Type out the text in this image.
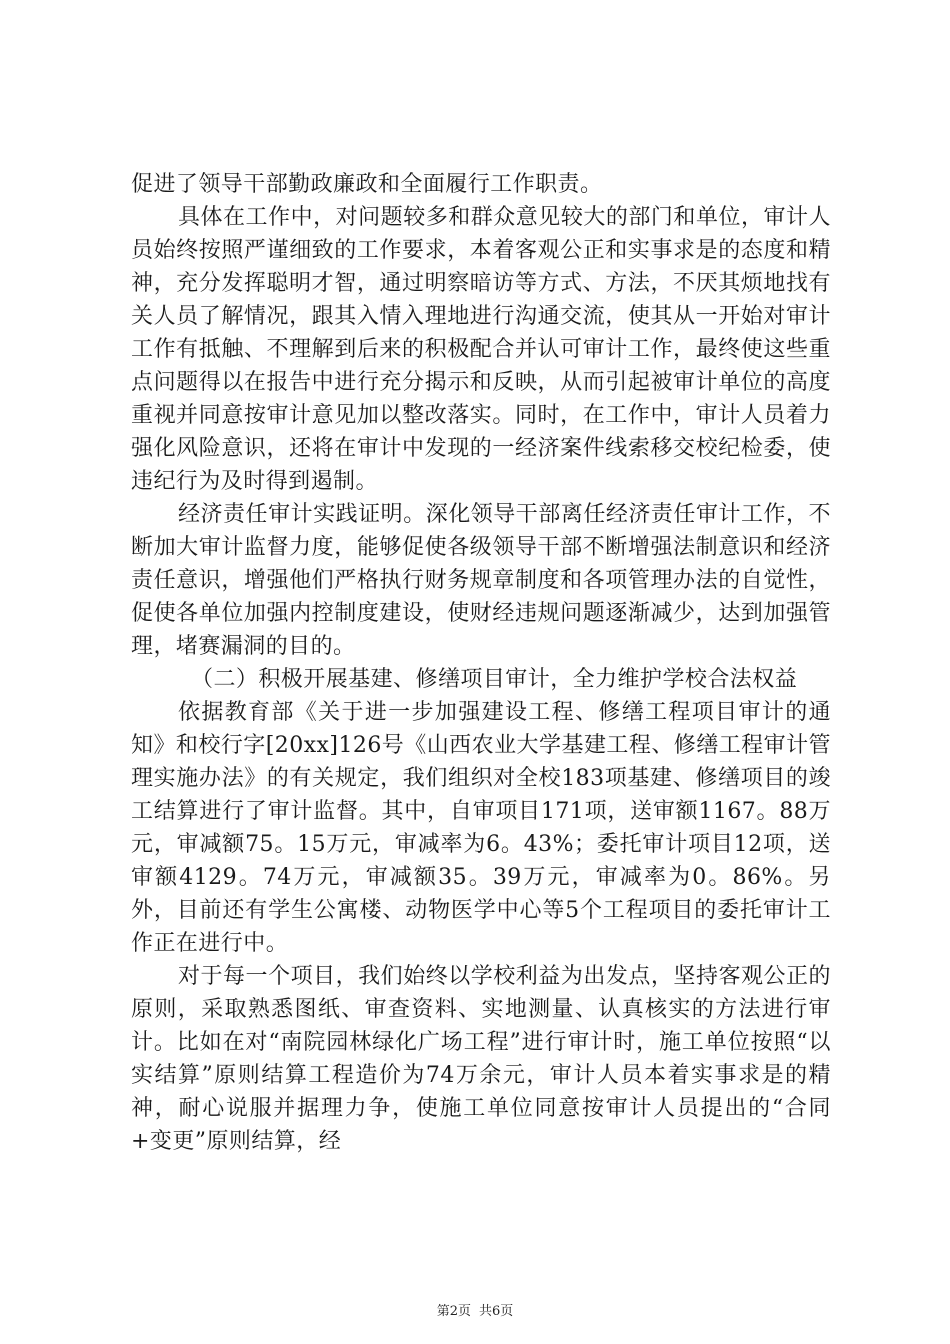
促进了领导干部勤政廉政和全面履行工作职责。

具体在工作中，对问题较多和群众意见较大的部门和单位，审计人员始终按照严谨细致的工作要求，本着客观公正和实事求是的态度和精神，充分发挥聪明才智，通过明察暗访等方式、方法，不厌其烦地找有关人员了解情况，跟其入情入理地进行沟通交流，使其从一开始对审计工作有抵触、不理解到后来的积极配合并认可审计工作，最终使这些重点问题得以在报告中进行充分揭示和反映，从而引起被审计单位的高度重视并同意按审计意见加以整改落实。同时，在工作中，审计人员着力强化风险意识，还将在审计中发现的一经济案件线索移交校纪检委，使违纪行为及时得到遏制。

经济责任审计实践证明。深化领导干部离任经济责任审计工作，不断加大审计监督力度，能够促使各级领导干部不断增强法制意识和经济责任意识，增强他们严格执行财务规章制度和各项管理办法的自觉性，促使各单位加强内控制度建设，使财经违规问题逐渐减少，达到加强管理，堵赛漏洞的目的。

（二）积极开展基建、修缮项目审计，全力维护学校合法权益

依据教育部《关于进一步加强建设工程、修缮工程项目审计的通知》和校行字[20xx]126号《山西农业大学基建工程、修缮工程审计管理实施办法》的有关规定，我们组织对全校183项基建、修缮项目的竣工结算进行了审计监督。其中，自审项目171项，送审额1167。88万元，审减额75。15万元，审减率为6。43%；委托审计项目12项，送审额4129。74万元，审减额35。39万元，审减率为0。86%。另外，目前还有学生公寓楼、动物医学中心等5个工程项目的委托审计工作正在进行中。

对于每一个项目，我们始终以学校利益为出发点，坚持客观公正的原则，采取熟悉图纸、审查资料、实地测量、认真核实的方法进行审计。比如在对“南院园林绿化广场工程”进行审计时，施工单位按照“以实结算”原则结算工程造价为74万余元，审计人员本着实事求是的精神，耐心说服并据理力争，使施工单位同意按审计人员提出的“合同+变更”原则结算，经

第2页 共6页
